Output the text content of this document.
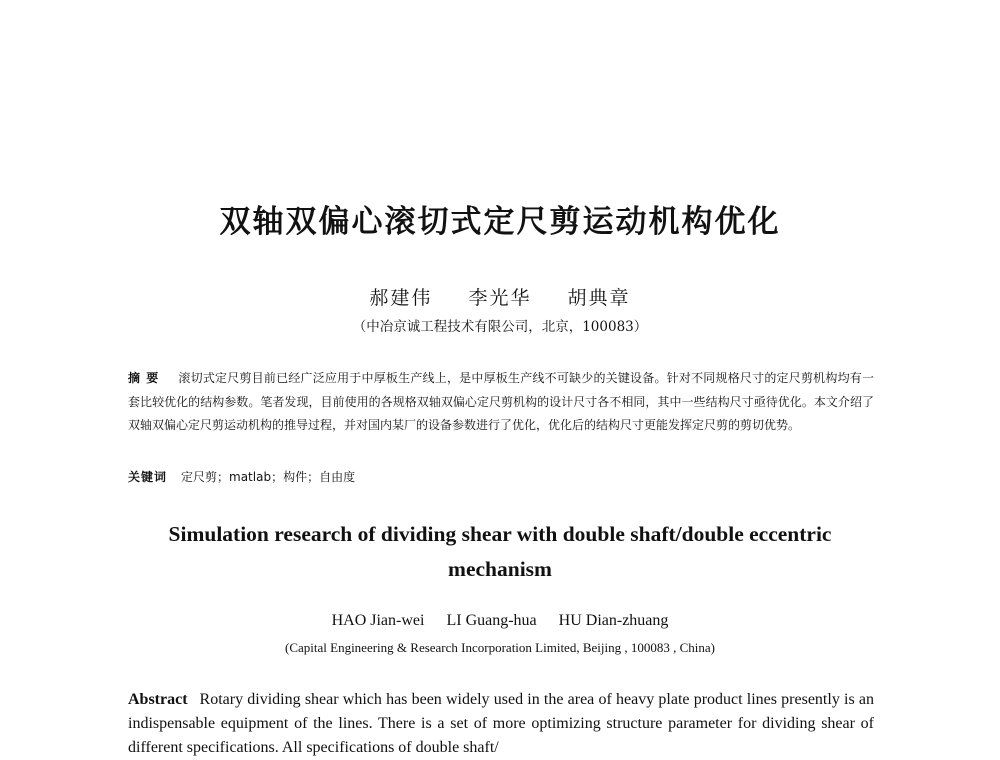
双轴双偏心滚切式定尺剪运动机构优化
郝建伟 李光华 胡典章
（中冶京诚工程技术有限公司，北京，100083）
摘要 滚切式定尺剪目前已经广泛应用于中厚板生产线上，是中厚板生产线不可缺少的关键设备。针对不同规格尺寸的定尺剪机构均有一套比较优化的结构参数。笔者发现，目前使用的各规格双轴双偏心定尺剪机构的设计尺寸各不相同，其中一些结构尺寸亟待优化。本文介绍了双轴双偏心定尺剪运动机构的推导过程，并对国内某厂的设备参数进行了优化，优化后的结构尺寸更能发挥定尺剪的剪切优势。
关键词 定尺剪；matlab；构件；自由度
Simulation research of dividing shear with double shaft/double eccentric mechanism
HAO Jian-wei LI Guang-hua HU Dian-zhuang
(Capital Engineering & Research Incorporation Limited, Beijing , 100083 , China)
Abstract Rotary dividing shear which has been widely used in the area of heavy plate product lines presently is an indispensable equipment of the lines. There is a set of more optimizing structure parameter for dividing shear of different specifications. All specifications of double shaft/
